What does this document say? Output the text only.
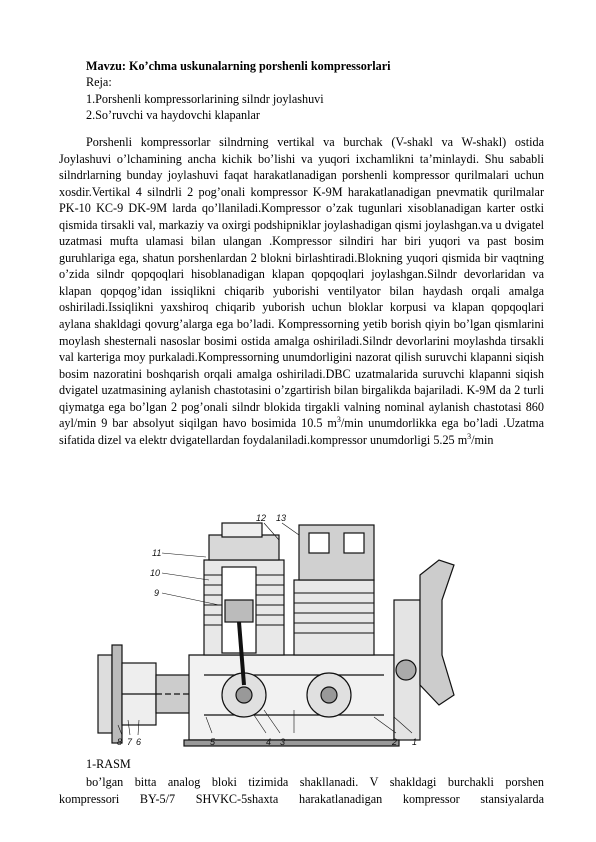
Mavzu: Ko’chma uskunalarning porshenli kompressorlari
Reja:
1.Porshenli kompressorlarining silndr joylashuvi
2.So’ruvchi va haydovchi klapanlar

Porshenli kompressorlar silndrning vertikal va burchak (V-shakl va W-shakl) ostida Joylashuvi o’lchamining ancha kichik bo’lishi va yuqori ixchamlikni ta’minlaydi. Shu sababli silndrlarning bunday joylashuvi faqat harakatlanadigan porshenli kompressor qurilmalari uchun xosdir.Vertikal 4 silndrli 2 pog’onali kompressor K-9M harakatlanadigan pnevmatik qurilmalar PK-10 KC-9 DK-9M larda qo’llaniladi.Kompressor o’zak tugunlari xisoblanadigan karter ostki qismida tirsakli val, markaziy va oxirgi podshipniklar joylashadigan qismi joylashgan.va u dvigatel uzatmasi mufta ulamasi bilan ulangan .Kompressor silndiri har biri yuqori va past bosim guruhlariga ega, shatun porshenlardan 2 blokni birlashtiradi.Blokning yuqori qismida bir vaqtning o’zida silndr qopqoqlari hisoblanadigan klapan qopqoqlari joylashgan.Silndr devorlaridan va klapan qopqog’idan issiqlikni chiqarib yuborishi ventilyator bilan haydash orqali amalga oshiriladi.Issiqlikni yaxshiroq chiqarib yuborish uchun bloklar korpusi va klapan qopqoqlari aylana shakldagi qovurg’alarga ega bo’ladi. Kompressorning yetib borish qiyin bo’lgan qismlarini moylash shesternali nasoslar bosimi ostida amalga oshiriladi.Silndr devorlarini moylashda tirsakli val karteriga moy purkaladi.Kompressorning unumdorligini nazorat qilish suruvchi klapanni siqish bosim nazoratini boshqarish orqali amalga oshiriladi.DBC uzatmalarida suruvchi klapanni siqish dvigatel uzatmasining aylanish chastotasini o’zgartirish bilan birgalikda bajariladi. K-9M da 2 turli qiymatga ega bo’lgan 2 pog’onali silndr blokida tirgakli valning nominal aylanish chastotasi 860 ayl/min 9 bar absolyut siqilgan havo bosimida 10.5 $m^3/\min$ unumdorlikka ega bo’ladi .Uzatma sifatida dizel va elektr dvigatellardan foydalaniladi.kompressor unumdorligi 5.25 $m^3/\min$

1
2
3
4
5
6
7
8
9
10
11
12 13
1-RASM

bo’lgan bitta analog bloki tizimida shakllanadi. V shakldagi burchakli porshen

kompressori BY-5/7 SHVKC-5shaxta harakatlanadigan kompressor stansiyalarda
